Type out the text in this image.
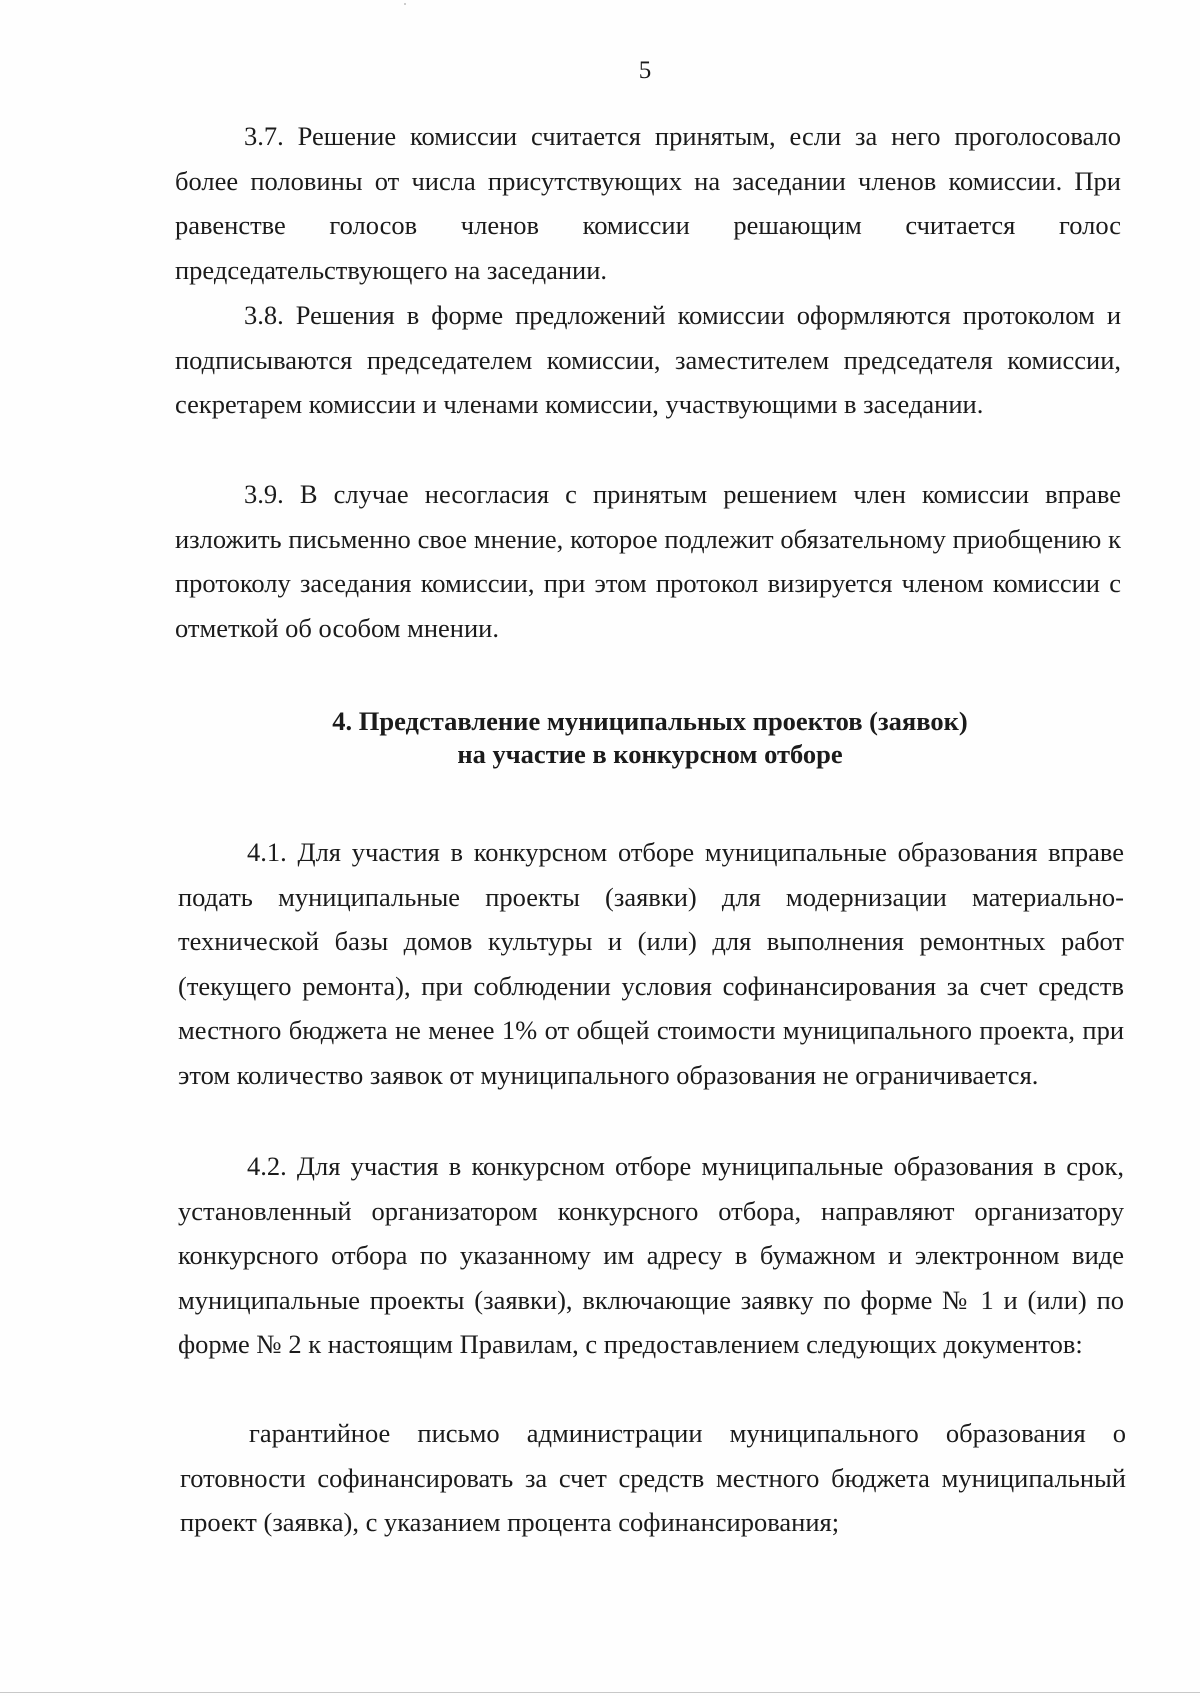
5

3.7. Решение комиссии считается принятым, если за него проголосовало более половины от числа присутствующих на заседании членов комиссии. При равенстве голосов членов комиссии решающим считается голос председательствующего на заседании.

3.8. Решения в форме предложений комиссии оформляются протоколом и подписываются председателем комиссии, заместителем председателя комиссии, секретарем комиссии и членами комиссии, участвующими в заседании.

3.9. В случае несогласия с принятым решением член комиссии вправе изложить письменно свое мнение, которое подлежит обязательному приобщению к протоколу заседания комиссии, при этом протокол визируется членом комиссии с отметкой об особом мнении.

4. Представление муниципальных проектов (заявок)
на участие в конкурсном отборе

4.1. Для участия в конкурсном отборе муниципальные образования вправе подать муниципальные проекты (заявки) для модернизации материально-технической базы домов культуры и (или) для выполнения ремонтных работ (текущего ремонта), при соблюдении условия софинансирования за счет средств местного бюджета не менее 1% от общей стоимости муниципального проекта, при этом количество заявок от муниципального образования не ограничивается.

4.2. Для участия в конкурсном отборе муниципальные образования в срок, установленный организатором конкурсного отбора, направляют организатору конкурсного отбора по указанному им адресу в бумажном и электронном виде муниципальные проекты (заявки), включающие заявку по форме № 1 и (или) по форме № 2 к настоящим Правилам, с предоставлением следующих документов:

гарантийное письмо администрации муниципального образования о готовности софинансировать за счет средств местного бюджета муниципальный проект (заявка), с указанием процента софинансирования;
